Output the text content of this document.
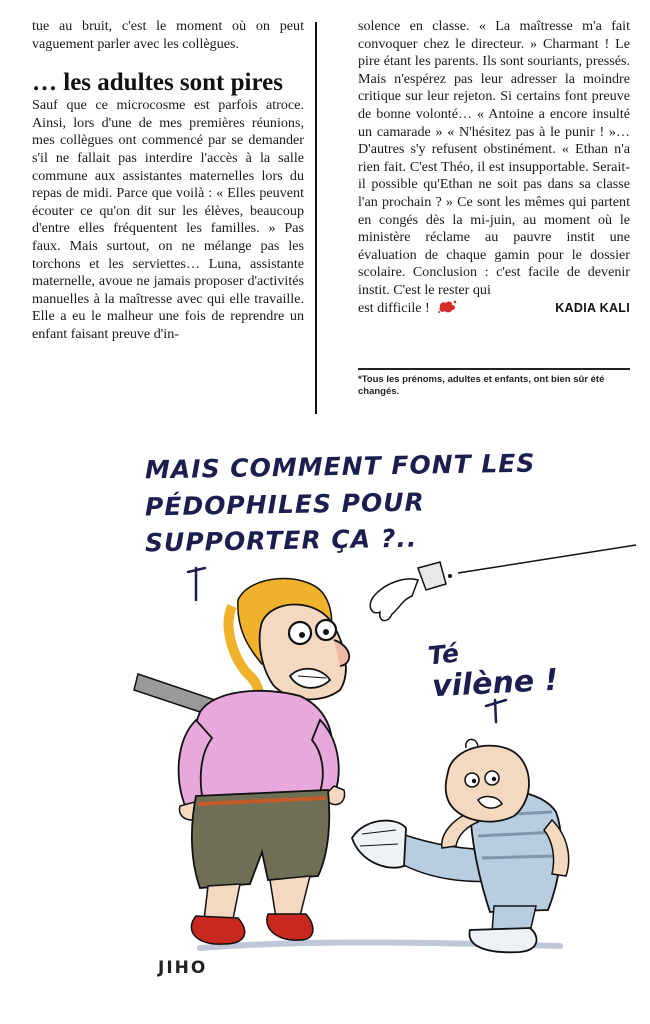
tue au bruit, c'est le moment où on peut vaguement parler avec les collègues.

… les adultes sont pires

Sauf que ce microcosme est parfois atroce. Ainsi, lors d'une de mes premières réunions, mes collègues ont commencé par se demander s'il ne fallait pas interdire l'accès à la salle commune aux assistantes maternelles lors du repas de midi. Parce que voilà : « Elles peuvent écouter ce qu'on dit sur les élèves, beaucoup d'entre elles fréquentent les familles. » Pas faux. Mais surtout, on ne mélange pas les torchons et les serviettes… Luna, assistante maternelle, avoue ne jamais proposer d'activités manuelles à la maîtresse avec qui elle travaille. Elle a eu le malheur une fois de reprendre un enfant faisant preuve d'in-

solence en classe. « La maîtresse m'a fait convoquer chez le directeur. » Charmant ! Le pire étant les parents. Ils sont souriants, pressés. Mais n'espérez pas leur adresser la moindre critique sur leur rejeton. Si certains font preuve de bonne volonté… « Antoine a encore insulté un camarade » « N'hésitez pas à le punir ! »… D'autres s'y refusent obstinément. « Ethan n'a rien fait. C'est Théo, il est insupportable. Serait-il possible qu'Ethan ne soit pas dans sa classe l'an prochain ? » Ce sont les mêmes qui partent en congés dès la mi-juin, au moment où le ministère réclame au pauvre instit une évaluation de chaque gamin pour le dossier scolaire. Conclusion : c'est facile de devenir instit. C'est le rester qui

est difficile !	KADIA KALI
*Tous les prénoms, adultes et enfants, ont bien sûr été changés.
MAIS COMMENT FONT LES
PÉDOPHILES POUR
SUPPORTER ÇA ?..
Té
vilène !
JIHO
